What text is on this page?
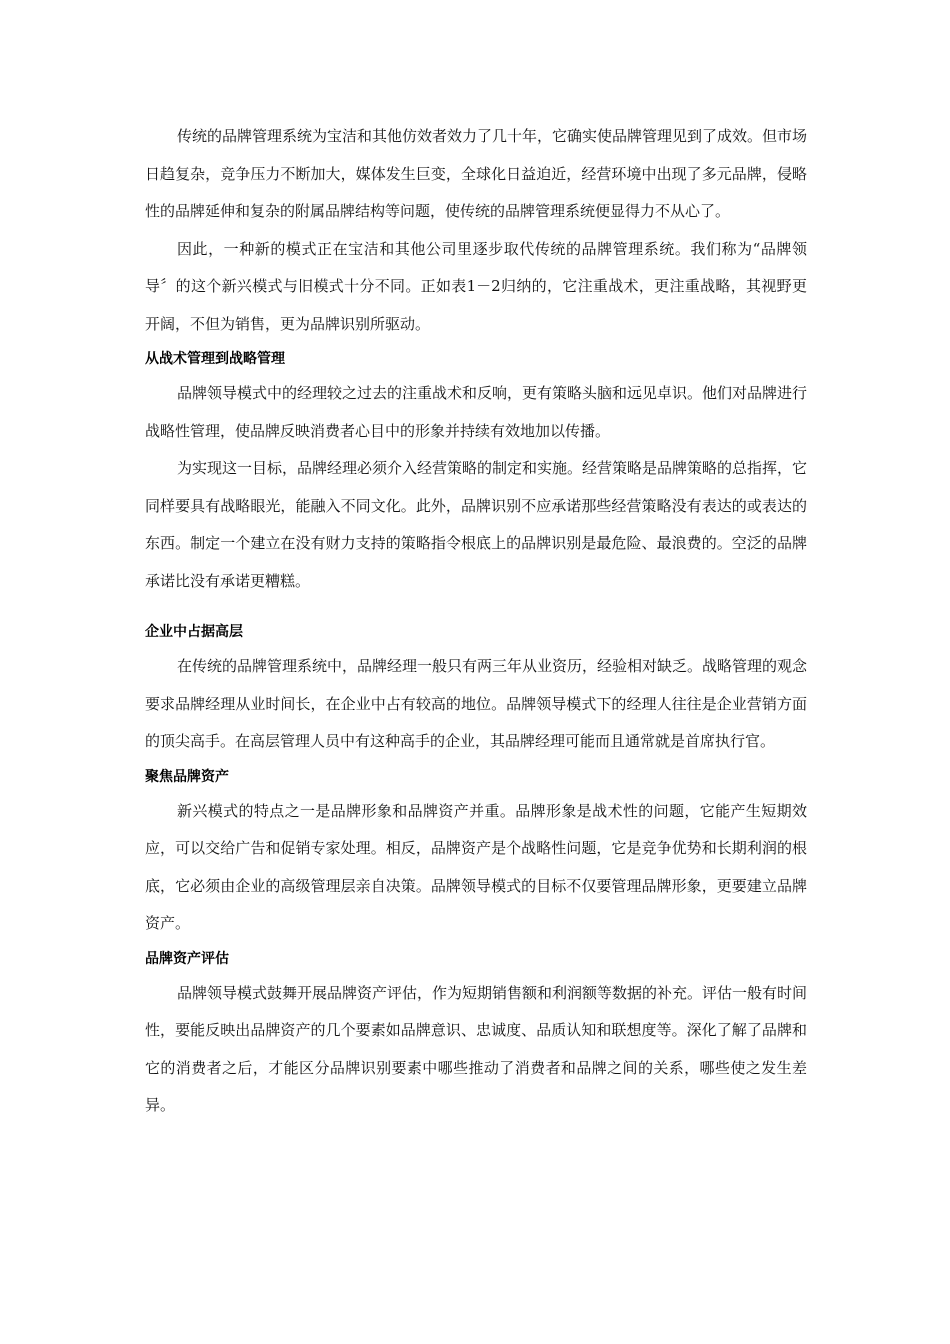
传统的品牌管理系统为宝洁和其他仿效者效力了几十年，它确实使品牌管理见到了成效。但市场日趋复杂，竞争压力不断加大，媒体发生巨变，全球化日益迫近，经营环境中出现了多元品牌，侵略性的品牌延伸和复杂的附属品牌结构等问题，使传统的品牌管理系统便显得力不从心了。

因此，一种新的模式正在宝洁和其他公司里逐步取代传统的品牌管理系统。我们称为“品牌领导〞的这个新兴模式与旧模式十分不同。正如表1－2归纳的，它注重战术，更注重战略，其视野更开阔，不但为销售，更为品牌识别所驱动。

从战术管理到战略管理

品牌领导模式中的经理较之过去的注重战术和反响，更有策略头脑和远见卓识。他们对品牌进行战略性管理，使品牌反映消费者心目中的形象并持续有效地加以传播。

为实现这一目标，品牌经理必须介入经营策略的制定和实施。经营策略是品牌策略的总指挥，它同样要具有战略眼光，能融入不同文化。此外，品牌识别不应承诺那些经营策略没有表达的或表达的东西。制定一个建立在没有财力支持的策略指令根底上的品牌识别是最危险、最浪费的。空泛的品牌承诺比没有承诺更糟糕。

企业中占据高层

在传统的品牌管理系统中，品牌经理一般只有两三年从业资历，经验相对缺乏。战略管理的观念要求品牌经理从业时间长，在企业中占有较高的地位。品牌领导模式下的经理人往往是企业营销方面的顶尖高手。在高层管理人员中有这种高手的企业，其品牌经理可能而且通常就是首席执行官。

聚焦品牌资产

新兴模式的特点之一是品牌形象和品牌资产并重。品牌形象是战术性的问题，它能产生短期效应，可以交给广告和促销专家处理。相反，品牌资产是个战略性问题，它是竞争优势和长期利润的根底，它必须由企业的高级管理层亲自决策。品牌领导模式的目标不仅要管理品牌形象，更要建立品牌资产。

品牌资产评估

品牌领导模式鼓舞开展品牌资产评估，作为短期销售额和利润额等数据的补充。评估一般有时间性，要能反映出品牌资产的几个要素如品牌意识、忠诚度、品质认知和联想度等。深化了解了品牌和它的消费者之后，才能区分品牌识别要素中哪些推动了消费者和品牌之间的关系，哪些使之发生差异。
